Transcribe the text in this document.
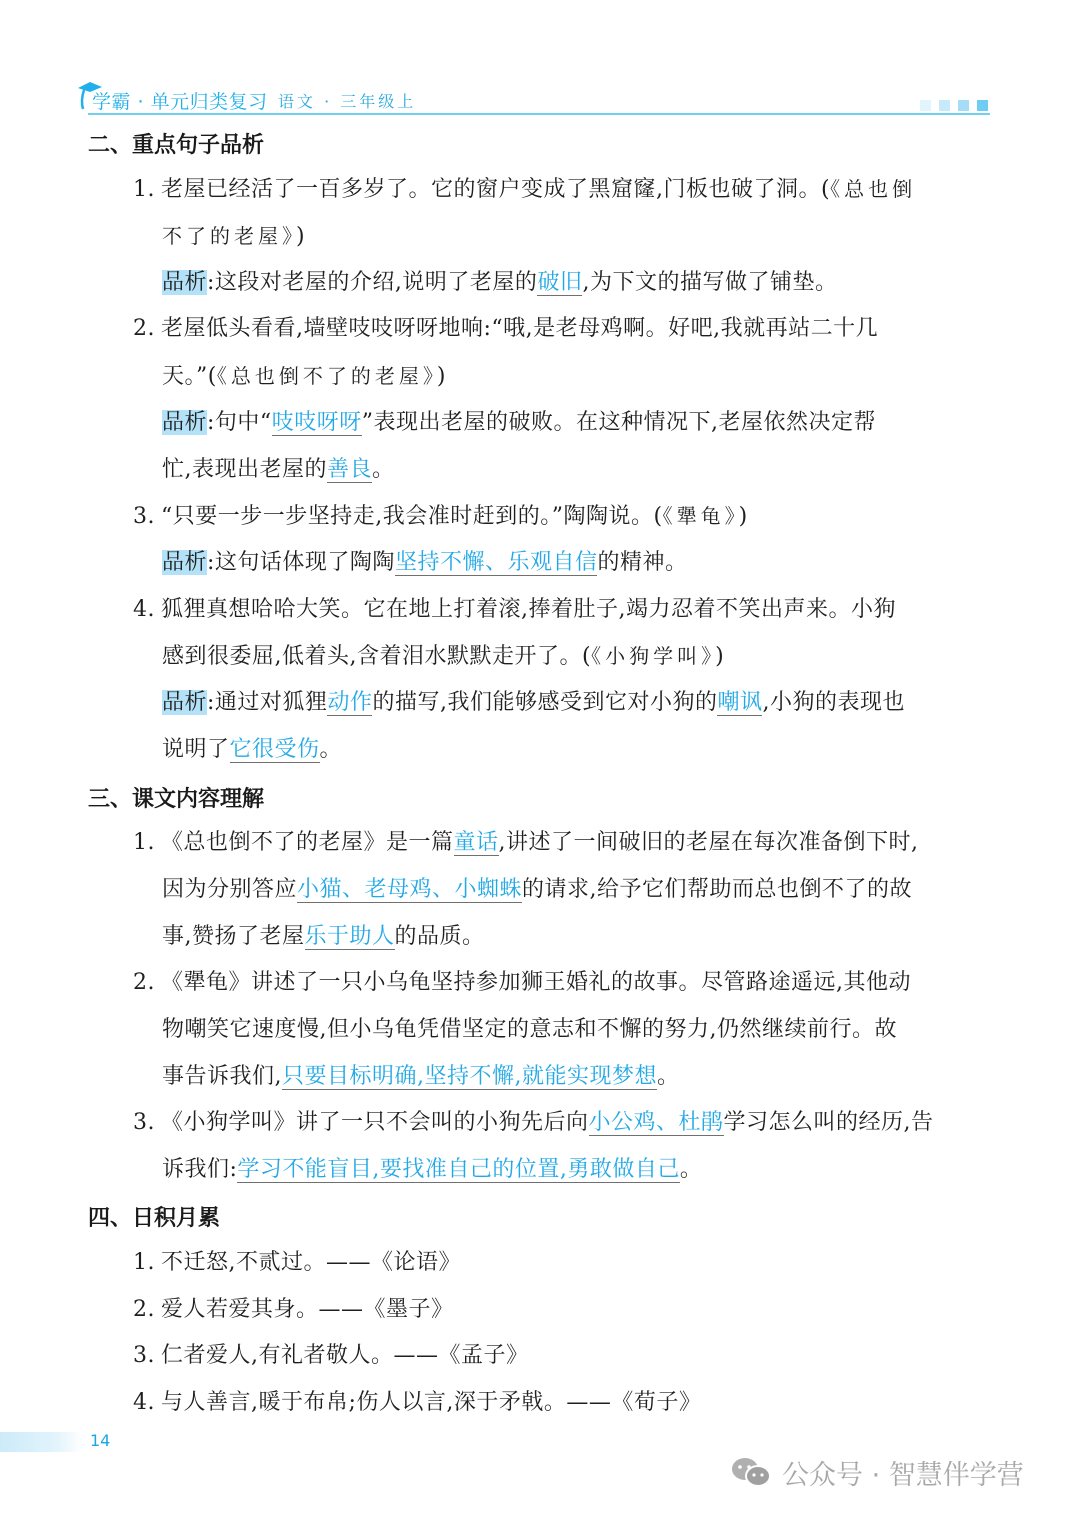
学霸 · 单元归类复习 语文 · 三年级上
二、重点句子品析
1. 老屋已经活了一百多岁了。它的窗户变成了黑窟窿,门板也破了洞。(《总也倒
不了的老屋》)
品析:这段对老屋的介绍,说明了老屋的破旧,为下文的描写做了铺垫。
2. 老屋低头看看,墙壁吱吱呀呀地响:“哦,是老母鸡啊。好吧,我就再站二十几
天。”(《总也倒不了的老屋》)
品析:句中“吱吱呀呀”表现出老屋的破败。在这种情况下,老屋依然决定帮
忙,表现出老屋的善良。
3. “只要一步一步坚持走,我会准时赶到的。”陶陶说。(《犟龟》)
品析:这句话体现了陶陶坚持不懈、乐观自信的精神。
4. 狐狸真想哈哈大笑。它在地上打着滚,捧着肚子,竭力忍着不笑出声来。小狗
感到很委屈,低着头,含着泪水默默走开了。(《小狗学叫》)
品析:通过对狐狸动作的描写,我们能够感受到它对小狗的嘲讽,小狗的表现也
说明了它很受伤。
三、课文内容理解
1. 《总也倒不了的老屋》是一篇童话,讲述了一间破旧的老屋在每次准备倒下时,
因为分别答应小猫、老母鸡、小蜘蛛的请求,给予它们帮助而总也倒不了的故
事,赞扬了老屋乐于助人的品质。
2. 《犟龟》讲述了一只小乌龟坚持参加狮王婚礼的故事。尽管路途遥远,其他动
物嘲笑它速度慢,但小乌龟凭借坚定的意志和不懈的努力,仍然继续前行。故
事告诉我们,只要目标明确,坚持不懈,就能实现梦想。
3. 《小狗学叫》讲了一只不会叫的小狗先后向小公鸡、杜鹃学习怎么叫的经历,告
诉我们:学习不能盲目,要找准自己的位置,勇敢做自己。
四、日积月累
1. 不迁怒,不贰过。——《论语》
2. 爱人若爱其身。——《墨子》
3. 仁者爱人,有礼者敬人。——《孟子》
4. 与人善言,暖于布帛;伤人以言,深于矛戟。——《荀子》
14
公众号 · 智慧伴学营
